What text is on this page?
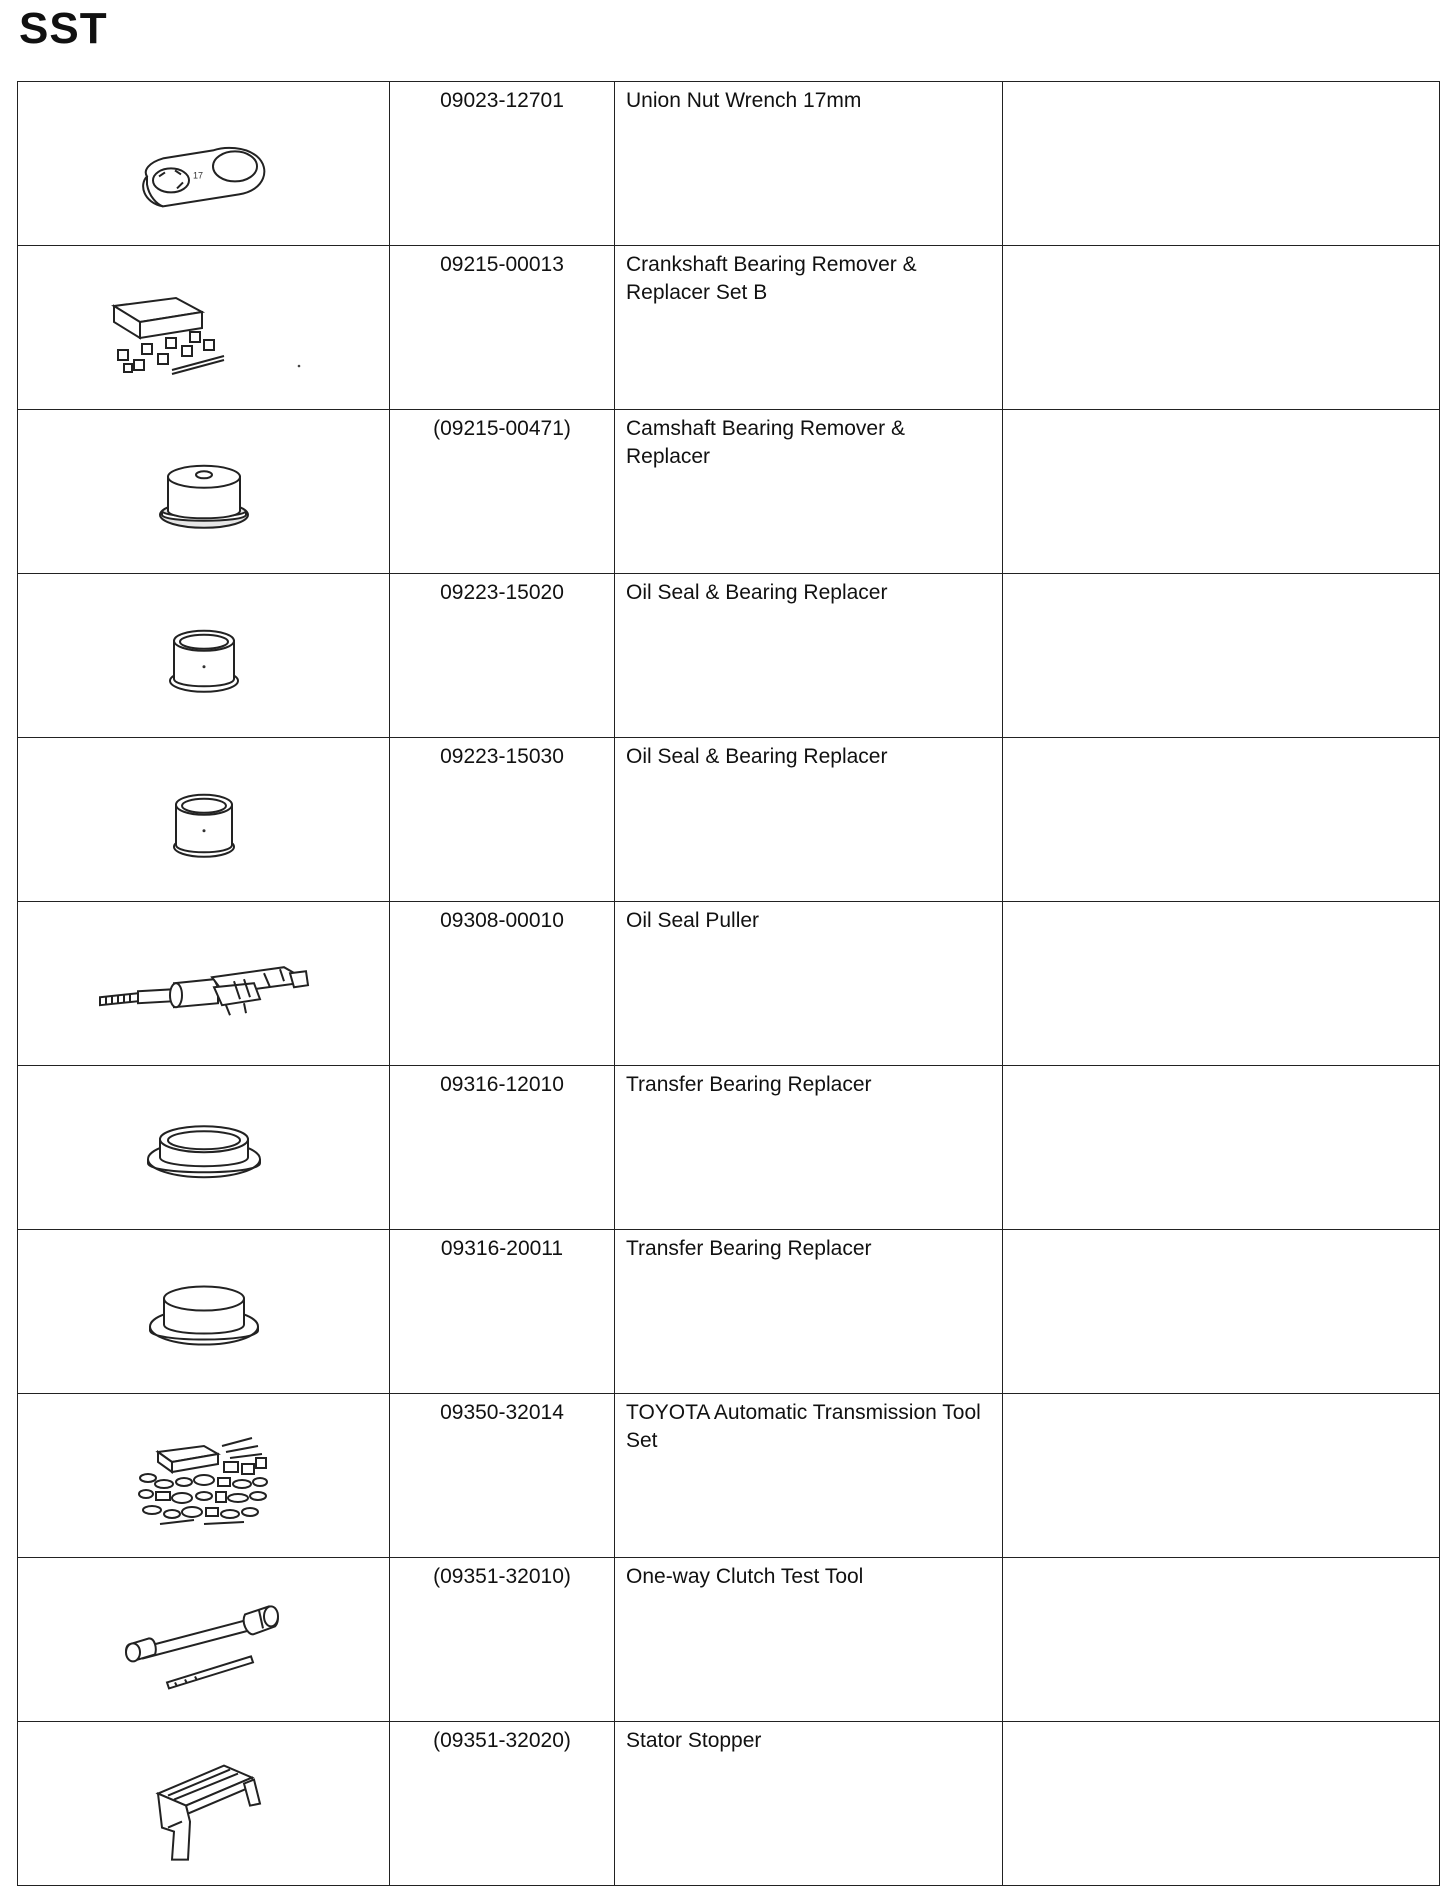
SST
17	09023-12701	Union Nut Wrench 17mm	

09215-00013	Crankshaft Bearing Remover & Replacer Set B	

(09215-00471)	Camshaft Bearing Remover & Replacer	

09223-15020	Oil Seal & Bearing Replacer	

09223-15030	Oil Seal & Bearing Replacer	

09308-00010	Oil Seal Puller	

09316-12010	Transfer Bearing Replacer	

09316-20011	Transfer Bearing Replacer	

09350-32014	TOYOTA Automatic Transmission Tool Set	

(09351-32010)	One-way Clutch Test Tool	

(09351-32020)	Stator Stopper	
